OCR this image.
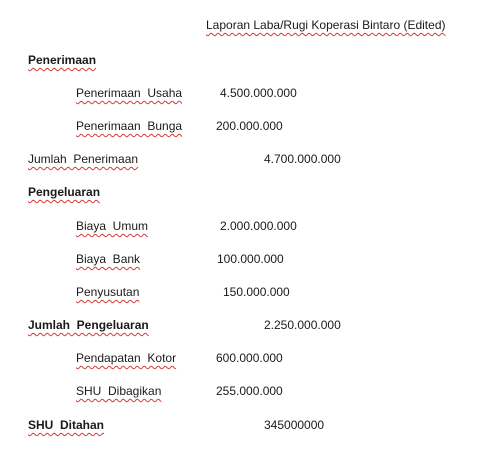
Laporan Laba/Rugi Koperasi Bintaro (Edited)
Penerimaan
Penerimaan  Usaha	4.500.000.000
Penerimaan  Bunga	200.000.000
Jumlah  Penerimaan	4.700.000.000
Pengeluaran
Biaya  Umum	2.000.000.000
Biaya  Bank	100.000.000
Penyusutan	150.000.000
Jumlah  Pengeluaran	2.250.000.000
Pendapatan  Kotor	600.000.000
SHU  Dibagikan	255.000.000
SHU  Ditahan	345000000
